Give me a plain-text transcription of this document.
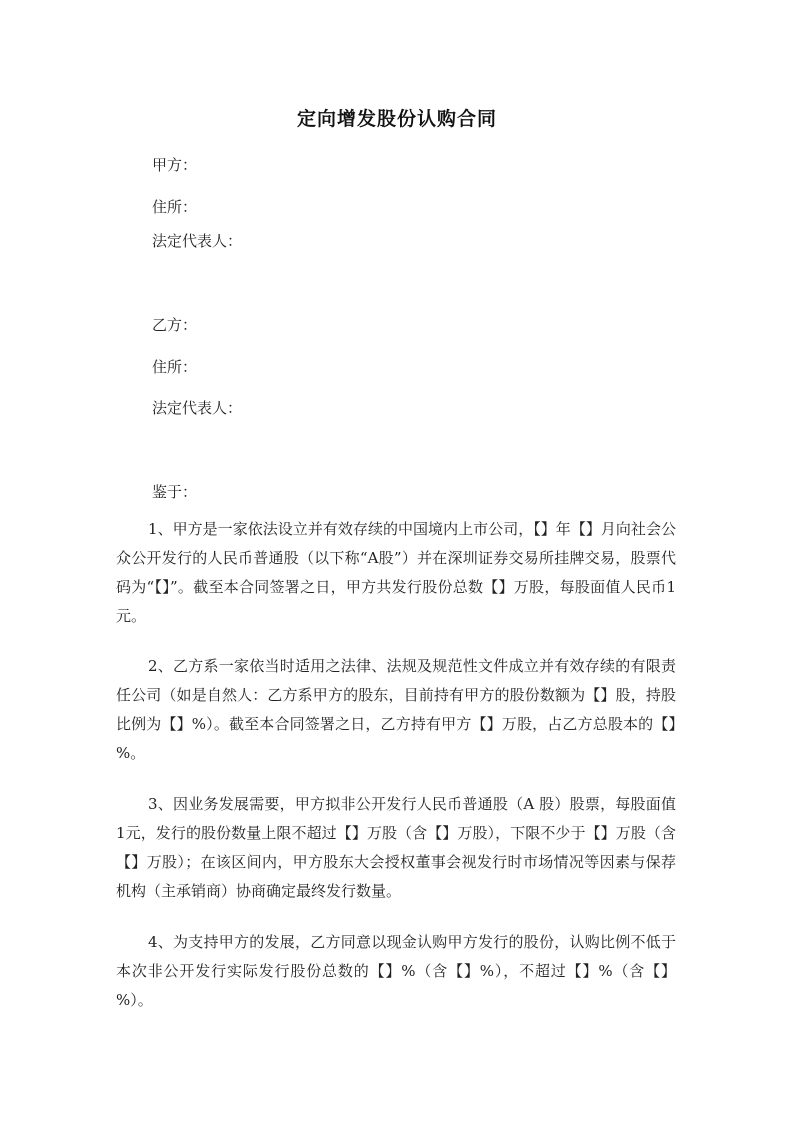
定向增发股份认购合同
甲方：
住所：
法定代表人：
乙方：
住所：
法定代表人：
鉴于：
1、甲方是一家依法设立并有效存续的中国境内上市公司，【】年【】月向社会公众公开发行的人民币普通股（以下称“A股”）并在深圳证券交易所挂牌交易，股票代码为“【】”。截至本合同签署之日，甲方共发行股份总数【】万股，每股面值人民币1元。
2、乙方系一家依当时适用之法律、法规及规范性文件成立并有效存续的有限责任公司（如是自然人：乙方系甲方的股东，目前持有甲方的股份数额为【】股，持股比例为【】%）。截至本合同签署之日，乙方持有甲方【】万股，占乙方总股本的【】%。
3、因业务发展需要，甲方拟非公开发行人民币普通股（A 股）股票，每股面值1元，发行的股份数量上限不超过【】万股（含【】万股），下限不少于【】万股（含【】万股）；在该区间内，甲方股东大会授权董事会视发行时市场情况等因素与保荐机构（主承销商）协商确定最终发行数量。
4、为支持甲方的发展，乙方同意以现金认购甲方发行的股份，认购比例不低于本次非公开发行实际发行股份总数的【】%（含【】%），不超过【】%（含【】%）。
